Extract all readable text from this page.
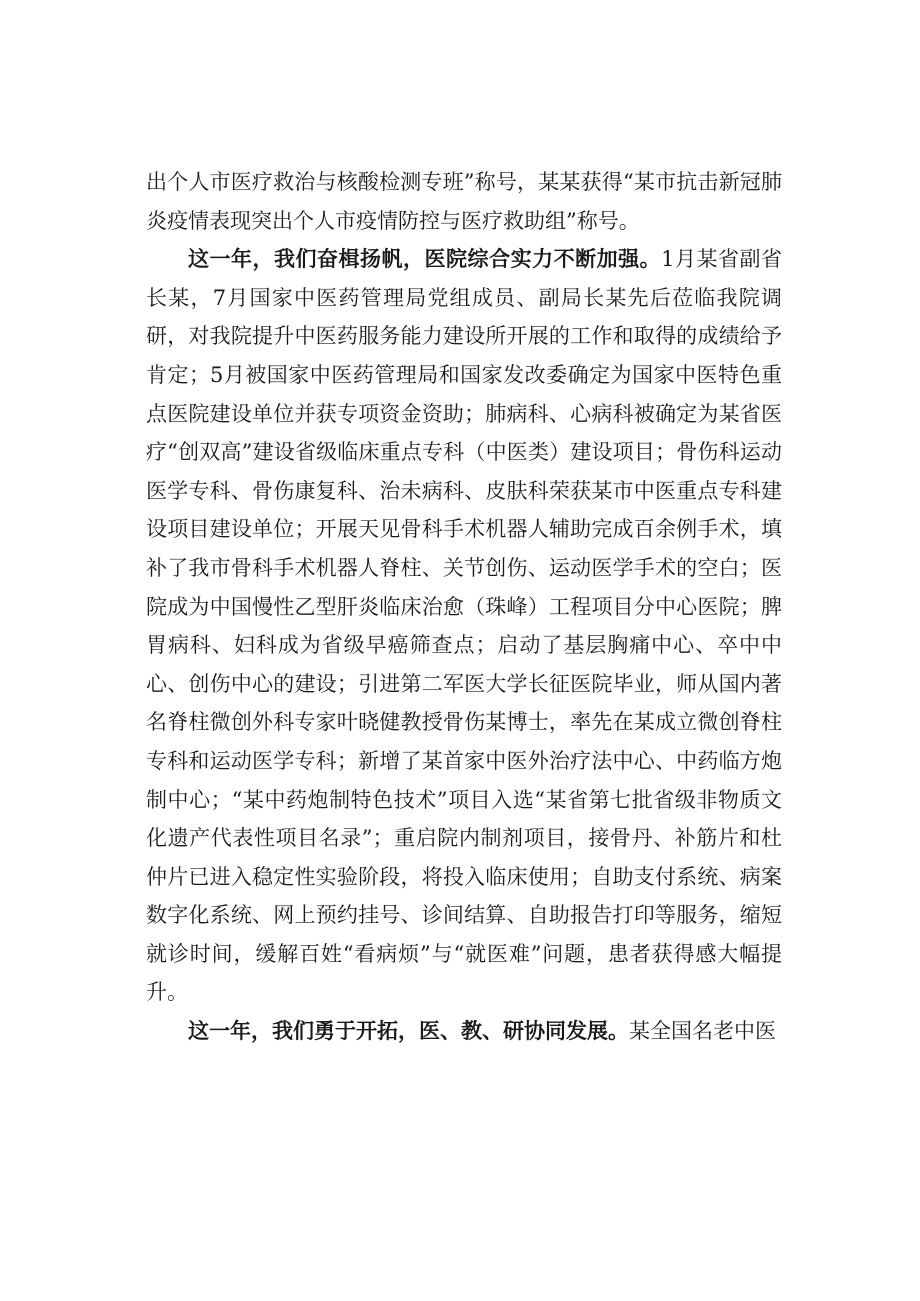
出个人市医疗救治与核酸检测专班”称号，某某获得“某市抗击新冠肺炎疫情表现突出个人市疫情防控与医疗救助组”称号。

这一年，我们奋楫扬帆，医院综合实力不断加强。1月某省副省长某，7月国家中医药管理局党组成员、副局长某先后莅临我院调研，对我院提升中医药服务能力建设所开展的工作和取得的成绩给予肯定；5月被国家中医药管理局和国家发改委确定为国家中医特色重点医院建设单位并获专项资金资助；肺病科、心病科被确定为某省医疗“创双高”建设省级临床重点专科（中医类）建设项目；骨伤科运动医学专科、骨伤康复科、治未病科、皮肤科荣获某市中医重点专科建设项目建设单位；开展天见骨科手术机器人辅助完成百余例手术，填补了我市骨科手术机器人脊柱、关节创伤、运动医学手术的空白；医院成为中国慢性乙型肝炎临床治愈（珠峰）工程项目分中心医院；脾胃病科、妇科成为省级早癌筛查点；启动了基层胸痛中心、卒中中心、创伤中心的建设；引进第二军医大学长征医院毕业，师从国内著名脊柱微创外科专家叶晓健教授骨伤某博士，率先在某成立微创脊柱专科和运动医学专科；新增了某首家中医外治疗法中心、中药临方炮制中心；“某中药炮制特色技术”项目入选“某省第七批省级非物质文化遗产代表性项目名录”；重启院内制剂项目，接骨丹、补筋片和杜仲片已进入稳定性实验阶段，将投入临床使用；自助支付系统、病案数字化系统、网上预约挂号、诊间结算、自助报告打印等服务，缩短就诊时间，缓解百姓“看病烦”与“就医难”问题，患者获得感大幅提升。

这一年，我们勇于开拓，医、教、研协同发展。某全国名老中医
